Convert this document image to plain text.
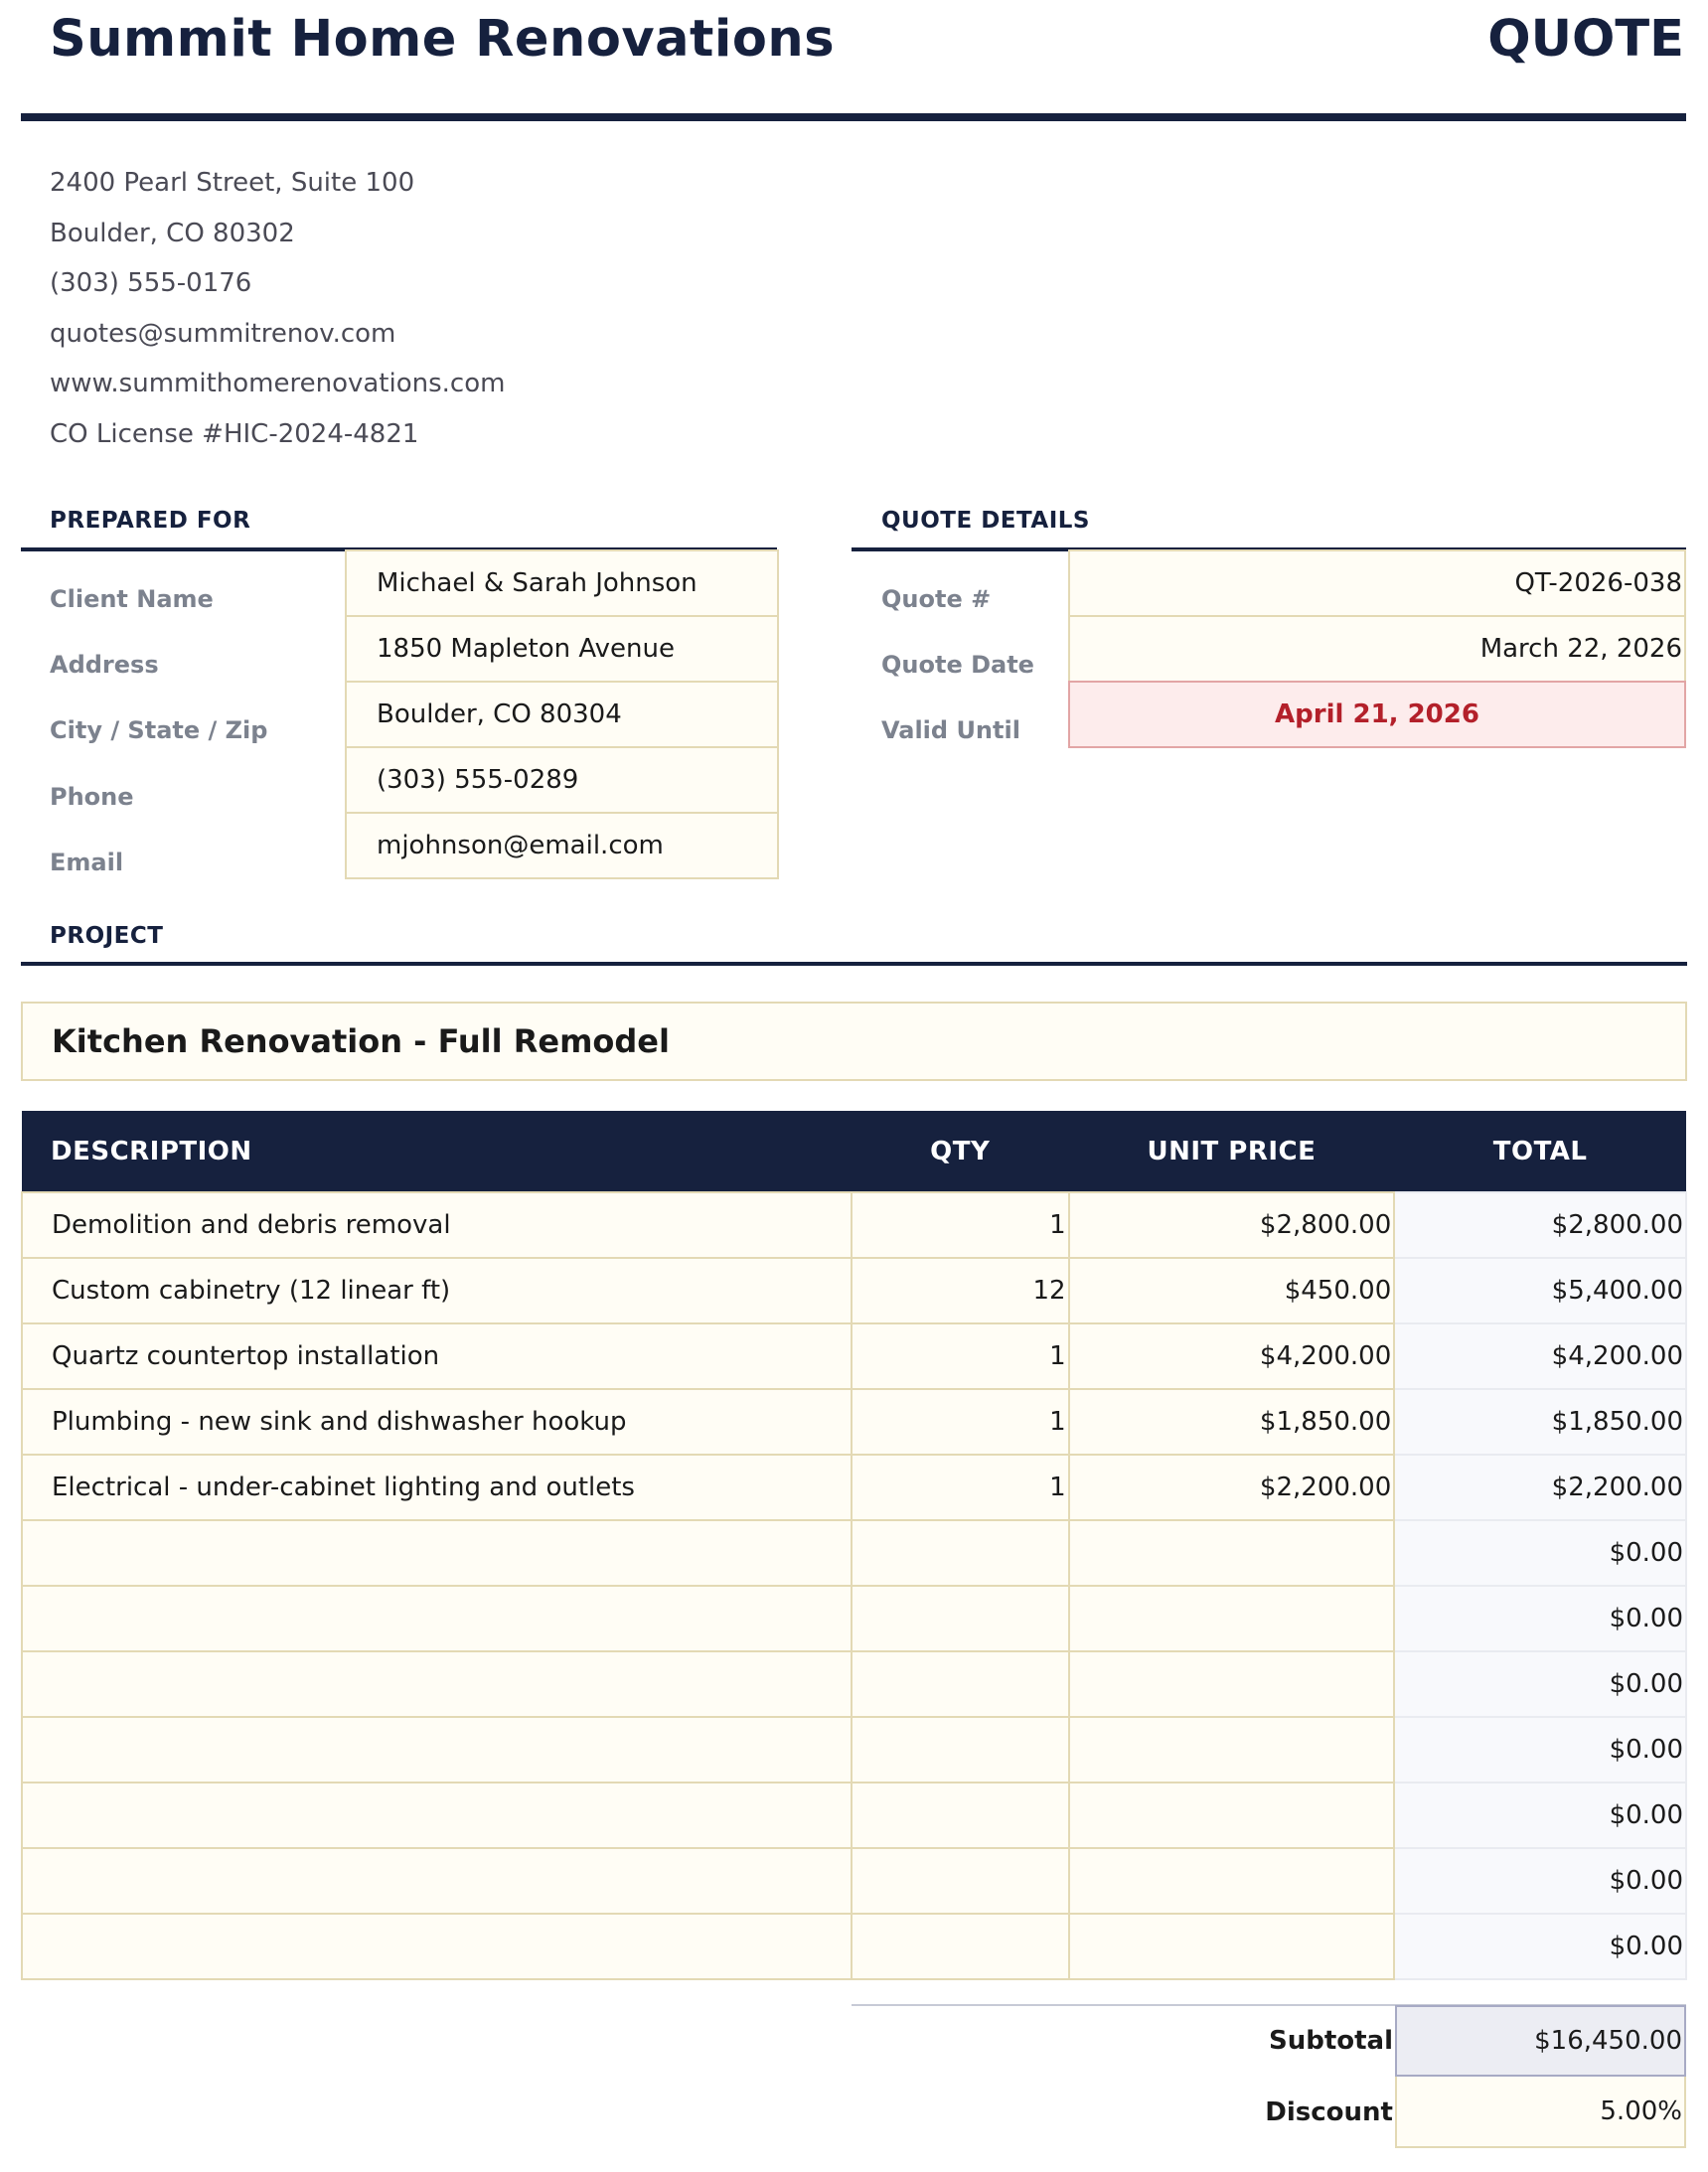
Summit Home Renovations	QUOTE
2400 Pearl Street, Suite 100
Boulder, CO 80302
(303) 555-0176
quotes@summitrenov.com
www.summithomerenovations.com
CO License #HIC-2024-4821
PREPARED FOR
Client Name
Michael & Sarah Johnson
Address
1850 Mapleton Avenue
City / State / Zip
Boulder, CO 80304
Phone
(303) 555-0289
Email
mjohnson@email.com
QUOTE DETAILS
Quote #
QT-2026-038
Quote Date
March 22, 2026
Valid Until
April 21, 2026
PROJECT
Kitchen Renovation - Full Remodel
DESCRIPTION	QTY	UNIT PRICE	TOTAL
Demolition and debris removal	1	$2,800.00	$2,800.00
Custom cabinetry (12 linear ft)	12	$450.00	$5,400.00
Quartz countertop installation	1	$4,200.00	$4,200.00
Plumbing - new sink and dishwasher hookup	1	$1,850.00	$1,850.00
Electrical - under-cabinet lighting and outlets	1	$2,200.00	$2,200.00
			$0.00
			$0.00
			$0.00
			$0.00
			$0.00
			$0.00
			$0.00
Subtotal	$16,450.00
Discount	5.00%
